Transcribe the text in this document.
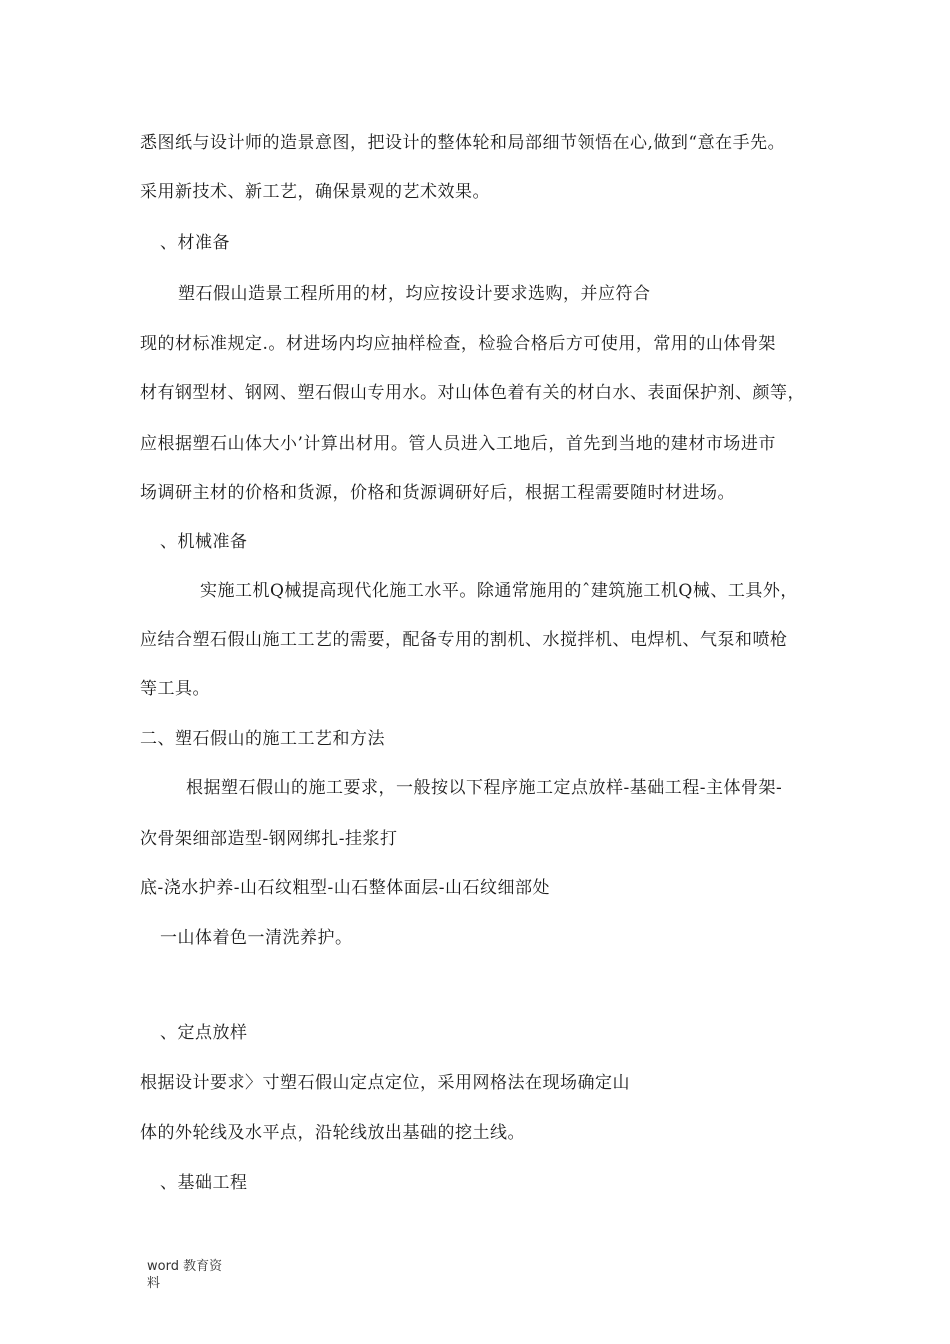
悉图纸与设计师的造景意图，把设计的整体轮和局部细节领悟在心,做到“意在手先。
采用新技术、新工艺，确保景观的艺术效果。
、材准备
塑石假山造景工程所用的材，均应按设计要求选购，并应符合
现的材标准规定.。材进场内均应抽样检查，检验合格后方可使用，常用的山体骨架
材有钢型材、钢网、塑石假山专用水。对山体色着有关的材白水、表面保护剂、颜等，
应根据塑石山体大小’计算出材用。管人员进入工地后，首先到当地的建材市场进市
场调研主材的价格和货源，价格和货源调研好后，根据工程需要随时材进场。
、机械准备
实施工机Q械提高现代化施工水平。除通常施用的ˆ建筑施工机Q械、工具外，
应结合塑石假山施工工艺的需要，配备专用的割机、水搅拌机、电焊机、气泵和喷枪
等工具。
二、塑石假山的施工工艺和方法
根据塑石假山的施工要求，一般按以下程序施工定点放样-基础工程-主体骨架-
次骨架细部造型-钢网绑扎-挂浆打
底-浇水护养-山石纹粗型-山石整体面层-山石纹细部处
一山体着色一清洗养护。
、定点放样
根据设计要求〉寸塑石假山定点定位，采用网格法在现场确定山
体的外轮线及水平点，沿轮线放出基础的挖土线。
、基础工程
word 教育资
料
